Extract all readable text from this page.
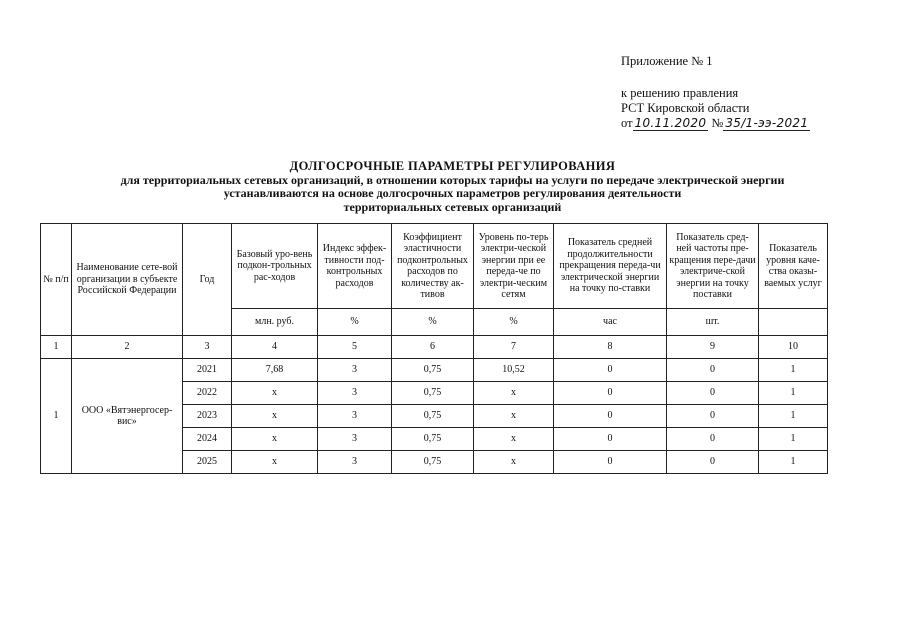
Приложение № 1
к решению правления
РСТ Кировской области
от 10.11.2020 № 35/1-ээ-2021
ДОЛГОСРОЧНЫЕ ПАРАМЕТРЫ РЕГУЛИРОВАНИЯ
для территориальных сетевых организаций, в отношении которых тарифы на услуги по передаче электрической энергии
устанавливаются на основе долгосрочных параметров регулирования деятельности
территориальных сетевых организаций
№ п/п	Наименование сете-вой организации в субъекте Российской Федерации	Год	Базовый уро-вень подкон-трольных рас-ходов	Индекс эффек-тивности под-контрольных расходов	Коэффициент эластичности подконтрольных расходов по количеству ак-тивов	Уровень по-терь электри-ческой энергии при ее переда-че по электри-ческим сетям	Показатель средней продолжительности прекращения переда-чи электрической энергии на точку по-ставки	Показатель сред-ней частоты пре-кращения пере-дачи электриче-ской энергии на точку поставки	Показатель уровня каче-ства оказы-ваемых услуг
			млн. руб.	%	%	%	час	шт.	
1	2	3	4	5	6	7	8	9	10
1	ООО «Вятэнергосер-вис»	2021	7,68	3	0,75	10,52	0	0	1
		2022	x	3	0,75	x	0	0	1
		2023	x	3	0,75	x	0	0	1
		2024	x	3	0,75	x	0	0	1
		2025	x	3	0,75	x	0	0	1
